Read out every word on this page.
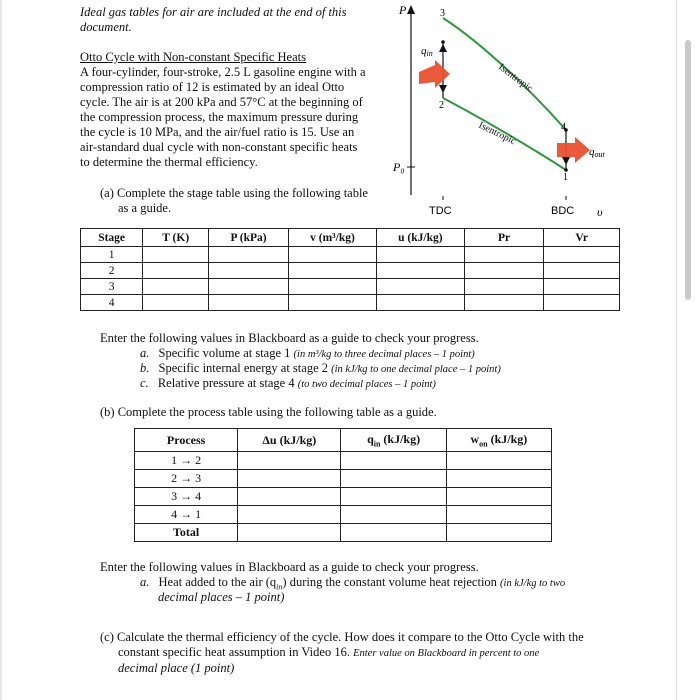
Ideal gas tables for air are included at the end of this
document.
Otto Cycle with Non-constant Specific Heats
A four-cylinder, four-stroke, 2.5 L gasoline engine with a
compression ratio of 12 is estimated by an ideal Otto
cycle. The air is at 200 kPa and 57°C at the beginning of
the compression process, the maximum pressure during
the cycle is 10 MPa, and the air/fuel ratio is 15. Use an
air-standard dual cycle with non-constant specific heats
to determine the thermal efficiency.
P
P₀
υ
TDC	BDC
3
2
4
1
qin
qout
Isentropic
Isentropic
(a) Complete the stage table using the following table
as a guide.
Stage	T (K)	P (kPa)	v (m³/kg)	u (kJ/kg)	Pr	Vr
1						
2						
3						
4						
Enter the following values in Blackboard as a guide to check your progress.
a. Specific volume at stage 1 (in m³/kg to three decimal places – 1 point)
b. Specific internal energy at stage 2 (in kJ/kg to one decimal place – 1 point)
c. Relative pressure at stage 4 (to two decimal places – 1 point)
(b) Complete the process table using the following table as a guide.
Process	Δu (kJ/kg)	$q_{in}$ (kJ/kg)	$w_{on}$ (kJ/kg)
1 → 2			
2 → 3			
3 → 4			
4 → 1			
Total			
Enter the following values in Blackboard as a guide to check your progress.
a. Heat added to the air $(q_{in})$ during the constant volume heat rejection (in kJ/kg to two
decimal places – 1 point)
(c) Calculate the thermal efficiency of the cycle. How does it compare to the Otto Cycle with the
constant specific heat assumption in Video 16. Enter value on Blackboard in percent to one
decimal place (1 point)
